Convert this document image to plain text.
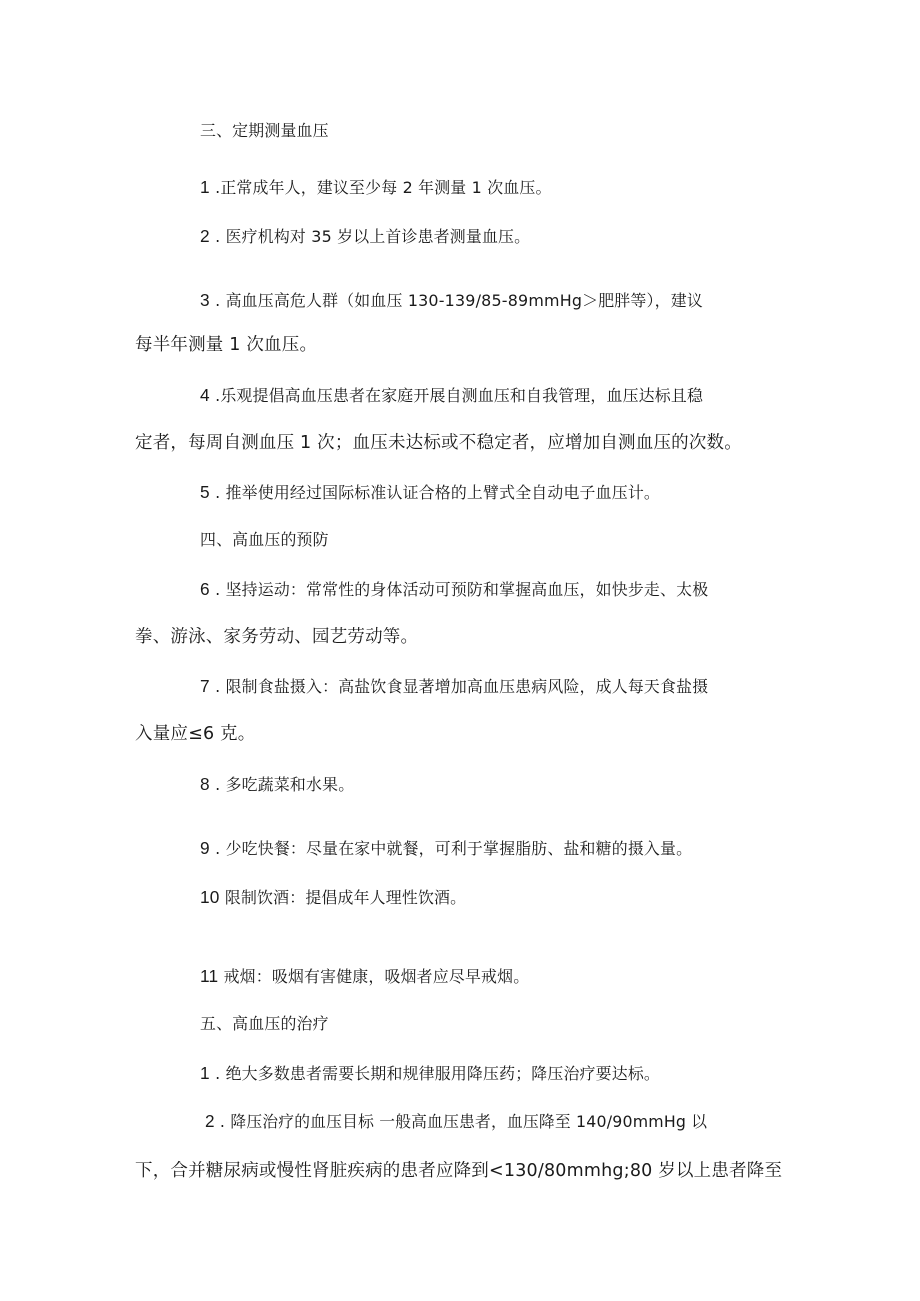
三、定期测量血压
1 .正常成年人，建议至少每 2 年测量 1 次血压。
2 . 医疗机构对 35 岁以上首诊患者测量血压。
3 . 高血压高危人群（如血压 130-139/85-89mmHg＞肥胖等），建议
每半年测量 1 次血压。
4 .乐观提倡高血压患者在家庭开展自测血压和自我管理，血压达标且稳
定者，每周自测血压 1 次；血压未达标或不稳定者，应增加自测血压的次数。
5 . 推举使用经过国际标准认证合格的上臂式全自动电子血压计。
四、高血压的预防
6 . 坚持运动：常常性的身体活动可预防和掌握高血压，如快步走、太极
拳、游泳、家务劳动、园艺劳动等。
7 . 限制食盐摄入：高盐饮食显著增加高血压患病风险，成人每天食盐摄
入量应≤6 克。
8 . 多吃蔬菜和水果。
9 . 少吃快餐：尽量在家中就餐，可利于掌握脂肪、盐和糖的摄入量。
10 限制饮酒：提倡成年人理性饮酒。
11 戒烟：吸烟有害健康，吸烟者应尽早戒烟。
五、高血压的治疗
1 . 绝大多数患者需要长期和规律服用降压药；降压治疗要达标。
2 . 降压治疗的血压目标 一般高血压患者，血压降至 140/90mmHg 以
下，合并糖尿病或慢性肾脏疾病的患者应降到<130/80mmhg;80 岁以上患者降至
